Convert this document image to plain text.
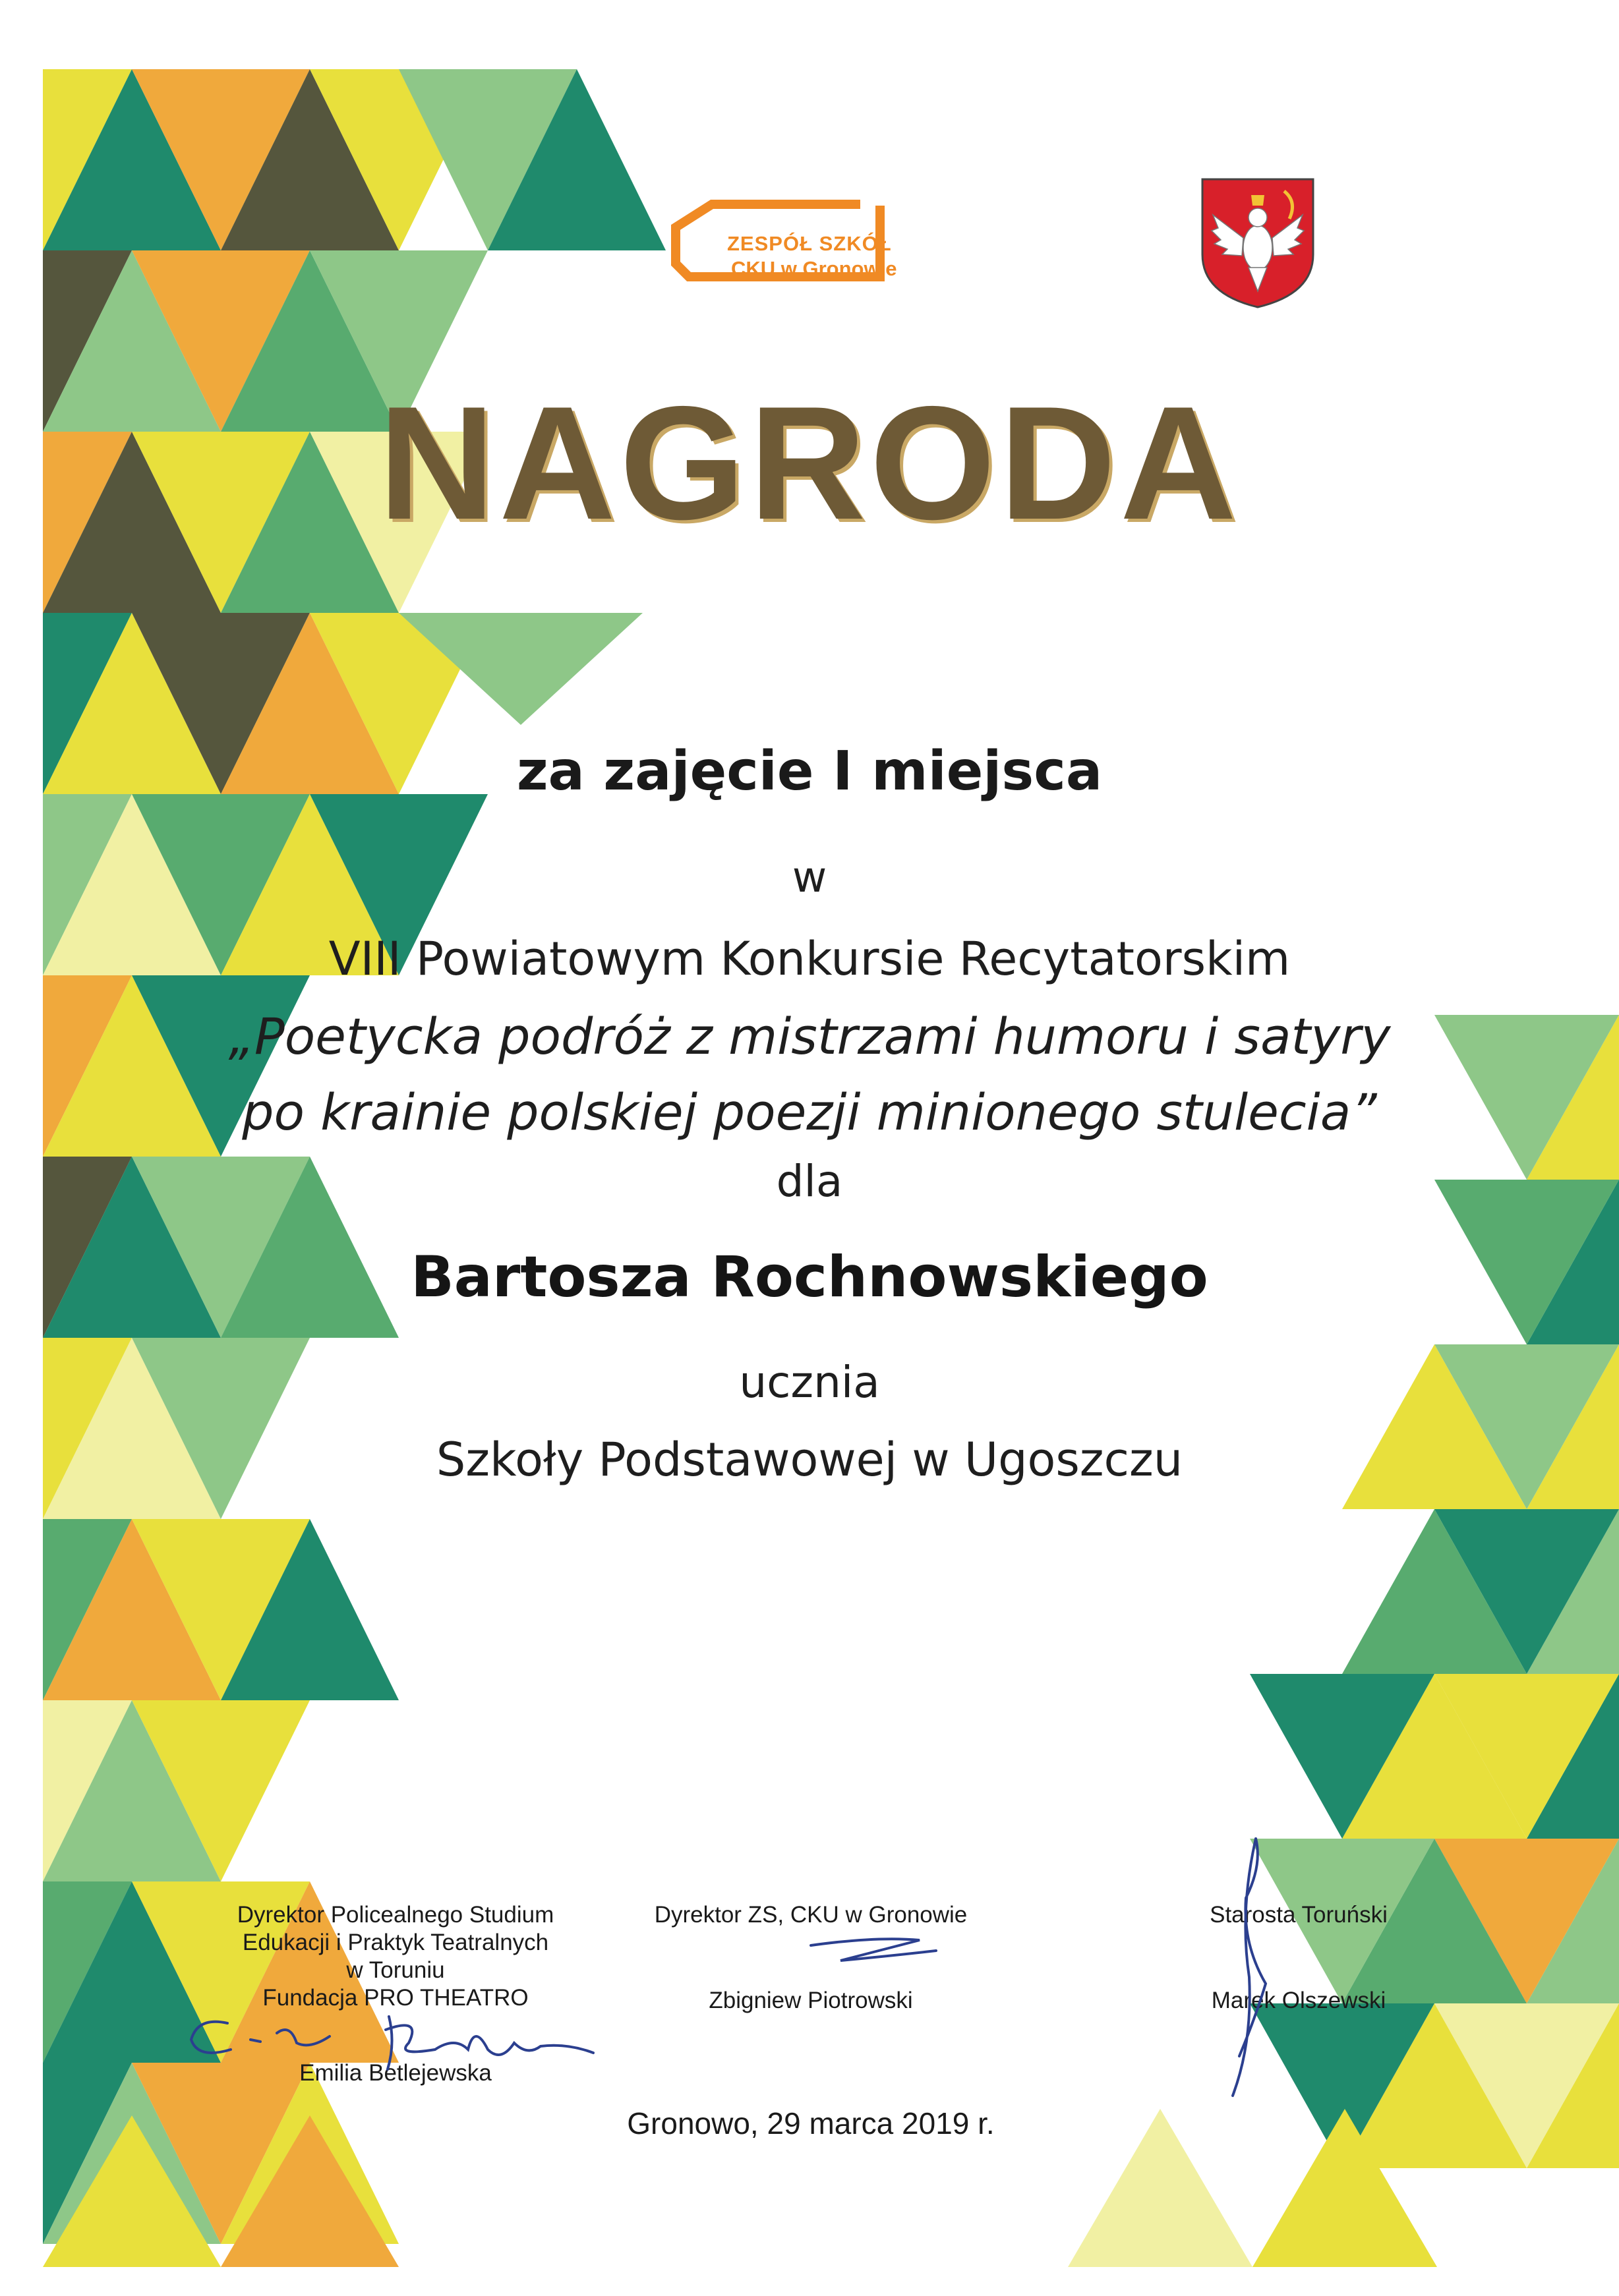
ZESPÓŁ SZKÓŁ
CKU w Gronowie
NAGRODA
za zajęcie I miejsca
w
VIII Powiatowym Konkursie Recytatorskim
„Poetycka podróż z mistrzami humoru i satyry
po krainie polskiej poezji minionego stulecia”
dla
Bartosza Rochnowskiego
ucznia
Szkoły Podstawowej w Ugoszczu
Dyrektor Policealnego Studium
Edukacji i Praktyk Teatralnych
w Toruniu
Fundacja PRO THEATRO
Emilia Betlejewska
Dyrektor ZS, CKU w Gronowie
Zbigniew Piotrowski
Starosta Toruński
Marek Olszewski
Gronowo, 29 marca 2019 r.
